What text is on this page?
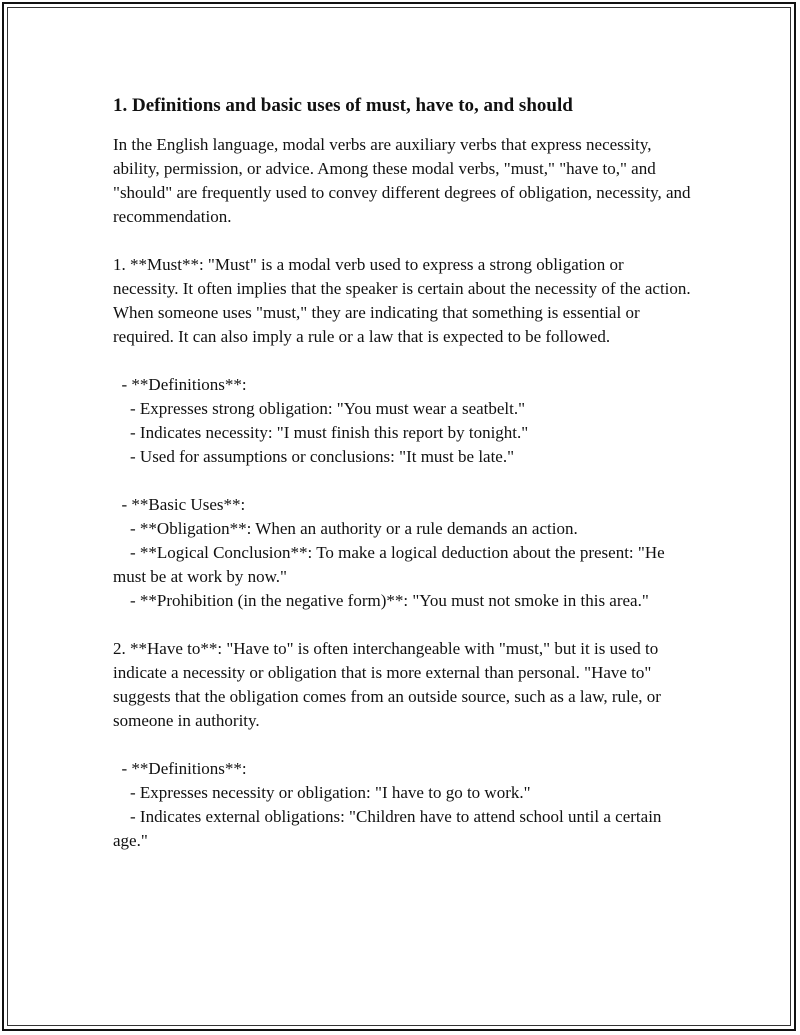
1. Definitions and basic uses of must, have to, and should

In the English language, modal verbs are auxiliary verbs that express necessity, ability, permission, or advice. Among these modal verbs, "must," "have to," and "should" are frequently used to convey different degrees of obligation, necessity, and recommendation.

1. **Must**: "Must" is a modal verb used to express a strong obligation or necessity. It often implies that the speaker is certain about the necessity of the action. When someone uses "must," they are indicating that something is essential or required. It can also imply a rule or a law that is expected to be followed.

- **Definitions**:

- Expresses strong obligation: "You must wear a seatbelt."

- Indicates necessity: "I must finish this report by tonight."

- Used for assumptions or conclusions: "It must be late."

- **Basic Uses**:

- **Obligation**: When an authority or a rule demands an action.

- **Logical Conclusion**: To make a logical deduction about the present: "He must be at work by now."

- **Prohibition (in the negative form)**: "You must not smoke in this area."

2. **Have to**: "Have to" is often interchangeable with "must," but it is used to indicate a necessity or obligation that is more external than personal. "Have to" suggests that the obligation comes from an outside source, such as a law, rule, or someone in authority.

- **Definitions**:

- Expresses necessity or obligation: "I have to go to work."

- Indicates external obligations: "Children have to attend school until a certain age."
